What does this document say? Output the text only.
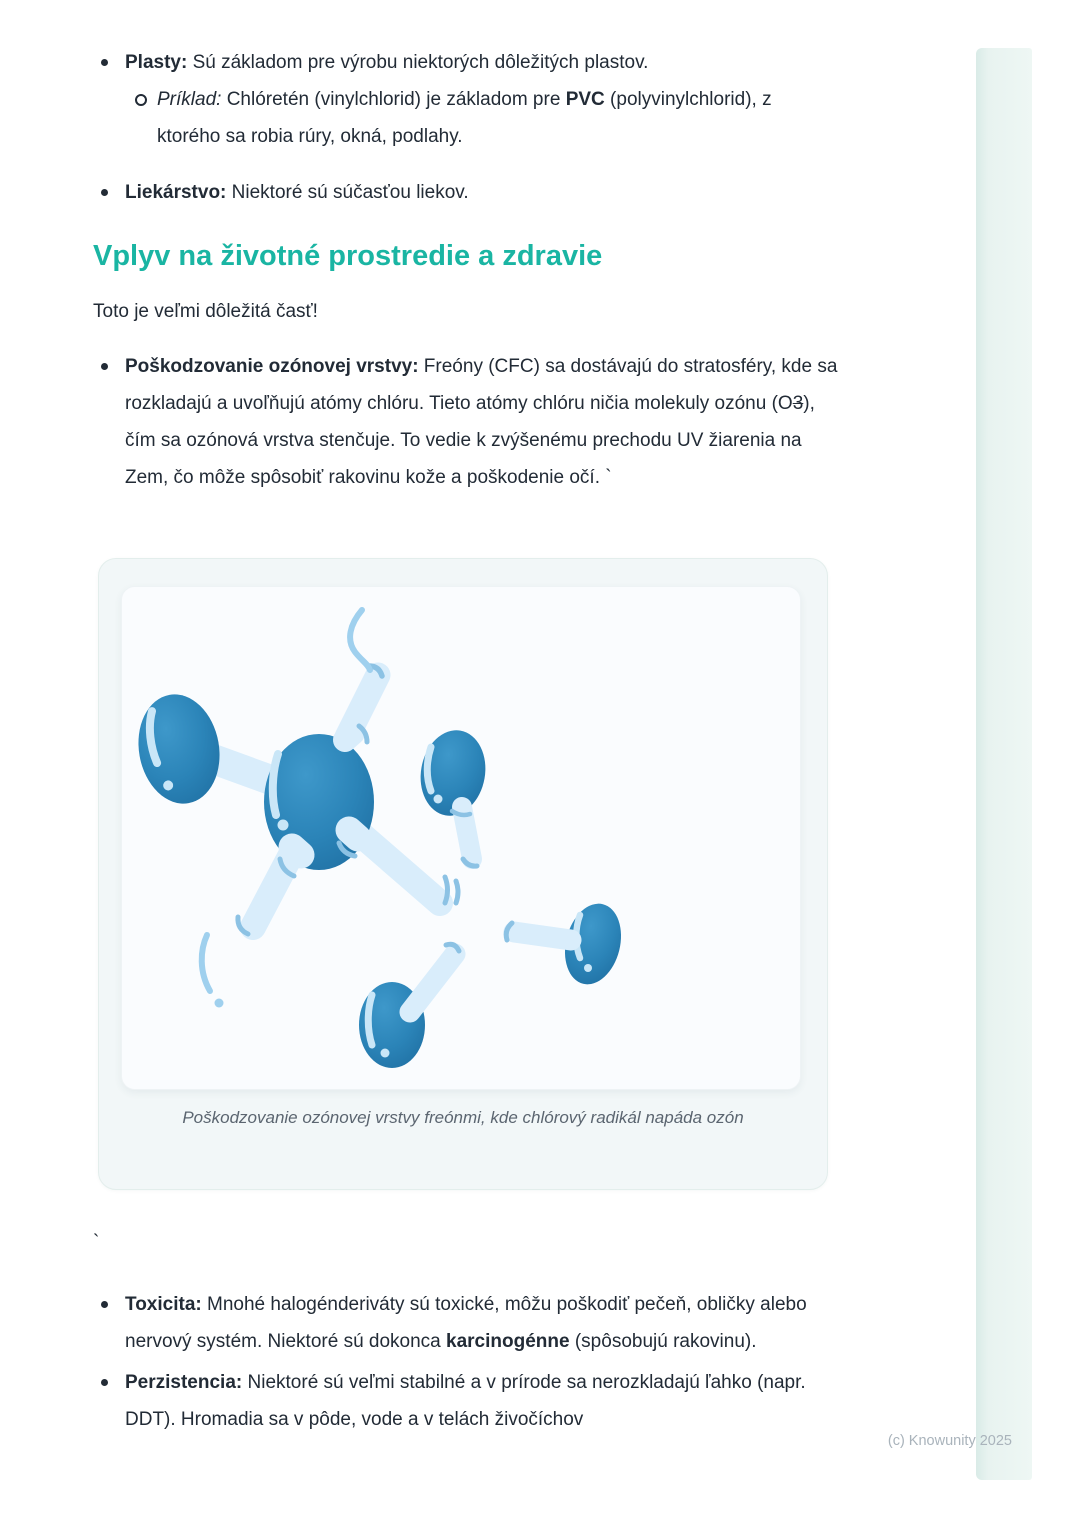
Plasty: Sú základom pre výrobu niektorých dôležitých plastov.
Príklad: Chlóretén (vinylchlorid) je základom pre PVC (polyvinylchlorid), z ktorého sa robia rúry, okná, podlahy.
Liekárstvo: Niektoré sú súčasťou liekov.
Vplyv na životné prostredie a zdravie
Toto je veľmi dôležitá časť!
Poškodzovanie ozónovej vrstvy: Freóny (CFC) sa dostávajú do stratosféry, kde sa rozkladajú a uvoľňujú atómy chlóru. Tieto atómy chlóru ničia molekuly ozónu (O3), čím sa ozónová vrstva stenčuje. To vedie k zvýšenému prechodu UV žiarenia na Zem, čo môže spôsobiť rakovinu kože a poškodenie očí. `
Poškodzovanie ozónovej vrstvy freónmi, kde chlórový radikál napáda ozón
`
Toxicita: Mnohé halogénderiváty sú toxické, môžu poškodiť pečeň, obličky alebo nervový systém. Niektoré sú dokonca karcinogénne (spôsobujú rakovinu).
Perzistencia: Niektoré sú veľmi stabilné a v prírode sa nerozkladajú ľahko (napr. DDT). Hromadia sa v pôde, vode a v telách živočíchov
(c) Knowunity 2025
